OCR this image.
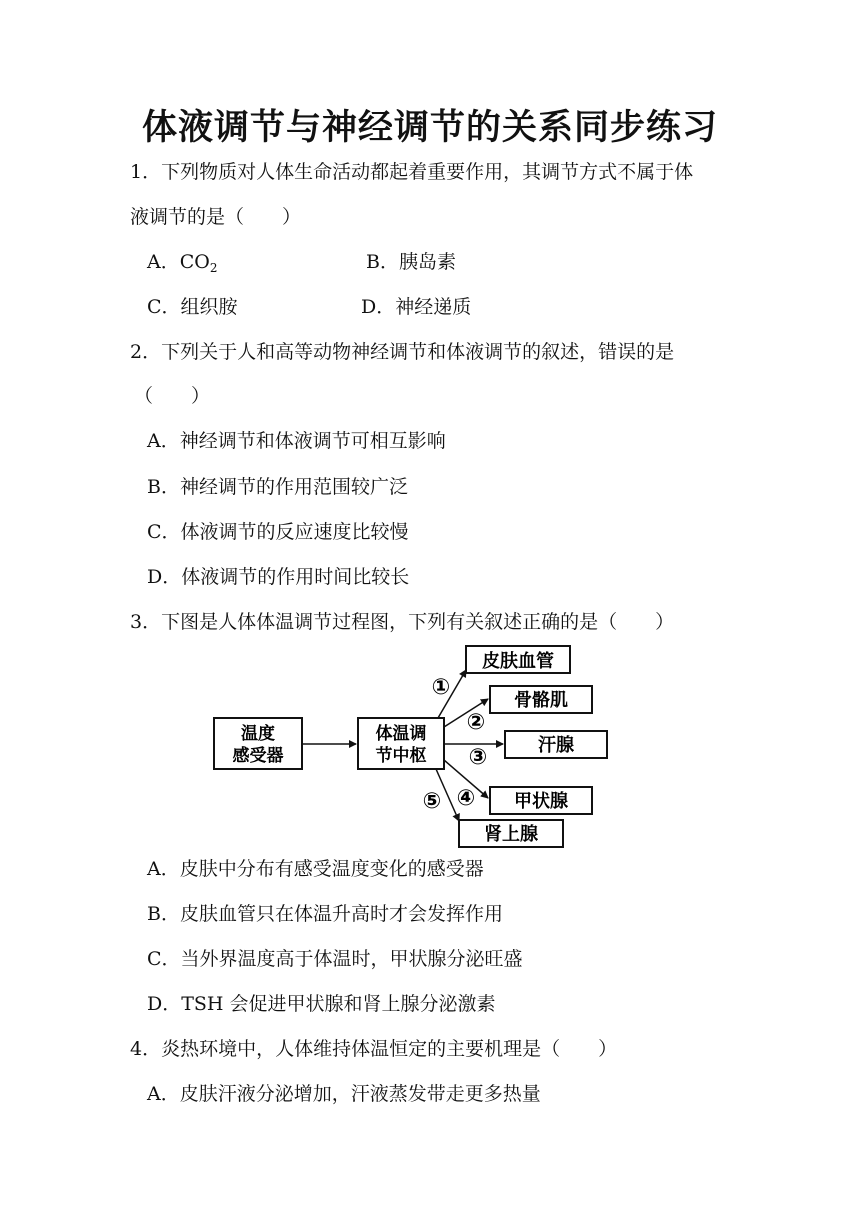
体液调节与神经调节的关系同步练习
1．下列物质对人体生命活动都起着重要作用，其调节方式不属于体
液调节的是（　　）
A．$CO_2$	B．胰岛素
C．组织胺	D．神经递质
2．下列关于人和高等动物神经调节和体液调节的叙述，错误的是
（　　）
A．神经调节和体液调节可相互影响
B．神经调节的作用范围较广泛
C．体液调节的反应速度比较慢
D．体液调节的作用时间比较长
3．下图是人体体温调节过程图，下列有关叙述正确的是（　　）
温度
感受器
体温调
节中枢
皮肤血管
骨骼肌
汗腺
甲状腺
肾上腺
①
②
③
④
⑤
A．皮肤中分布有感受温度变化的感受器
B．皮肤血管只在体温升高时才会发挥作用
C．当外界温度高于体温时，甲状腺分泌旺盛
D．TSH 会促进甲状腺和肾上腺分泌激素
4．炎热环境中，人体维持体温恒定的主要机理是（　　）
A．皮肤汗液分泌增加，汗液蒸发带走更多热量
